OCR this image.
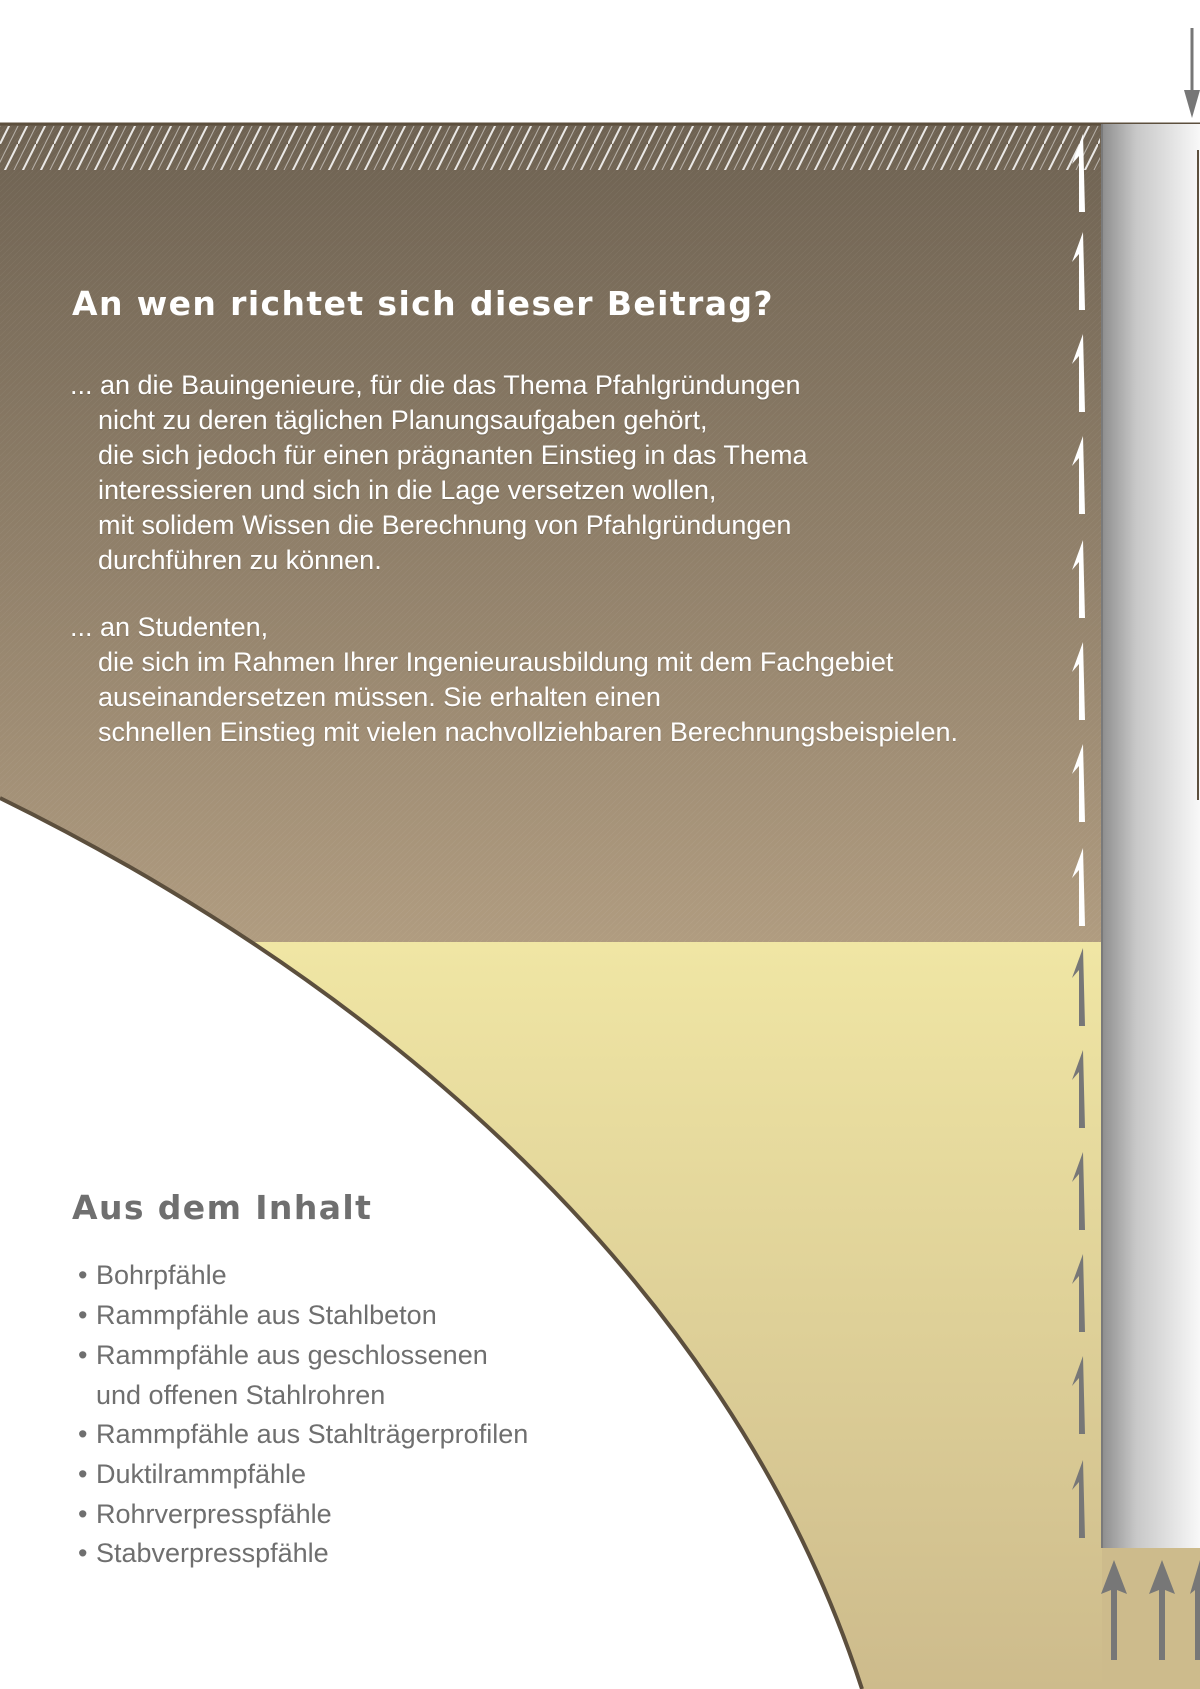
An wen richtet sich dieser Beitrag?
... an die Bauingenieure, für die das Thema Pfahlgründungen
nicht zu deren täglichen Planungsaufgaben gehört,
die sich jedoch für einen prägnanten Einstieg in das Thema
interessieren und sich in die Lage versetzen wollen,
mit solidem Wissen die Berechnung von Pfahlgründungen
durchführen zu können.
... an Studenten,
die sich im Rahmen Ihrer Ingenieurausbildung mit dem Fachgebiet
auseinandersetzen müssen. Sie erhalten einen
schnellen Einstieg mit vielen nachvollziehbaren Berechnungsbeispielen.
Aus dem Inhalt
• Bohrpfähle
• Rammpfähle aus Stahlbeton
• Rammpfähle aus geschlossenen
und offenen Stahlrohren
• Rammpfähle aus Stahlträgerprofilen
• Duktilrammpfähle
• Rohrverpresspfähle
• Stabverpresspfähle
